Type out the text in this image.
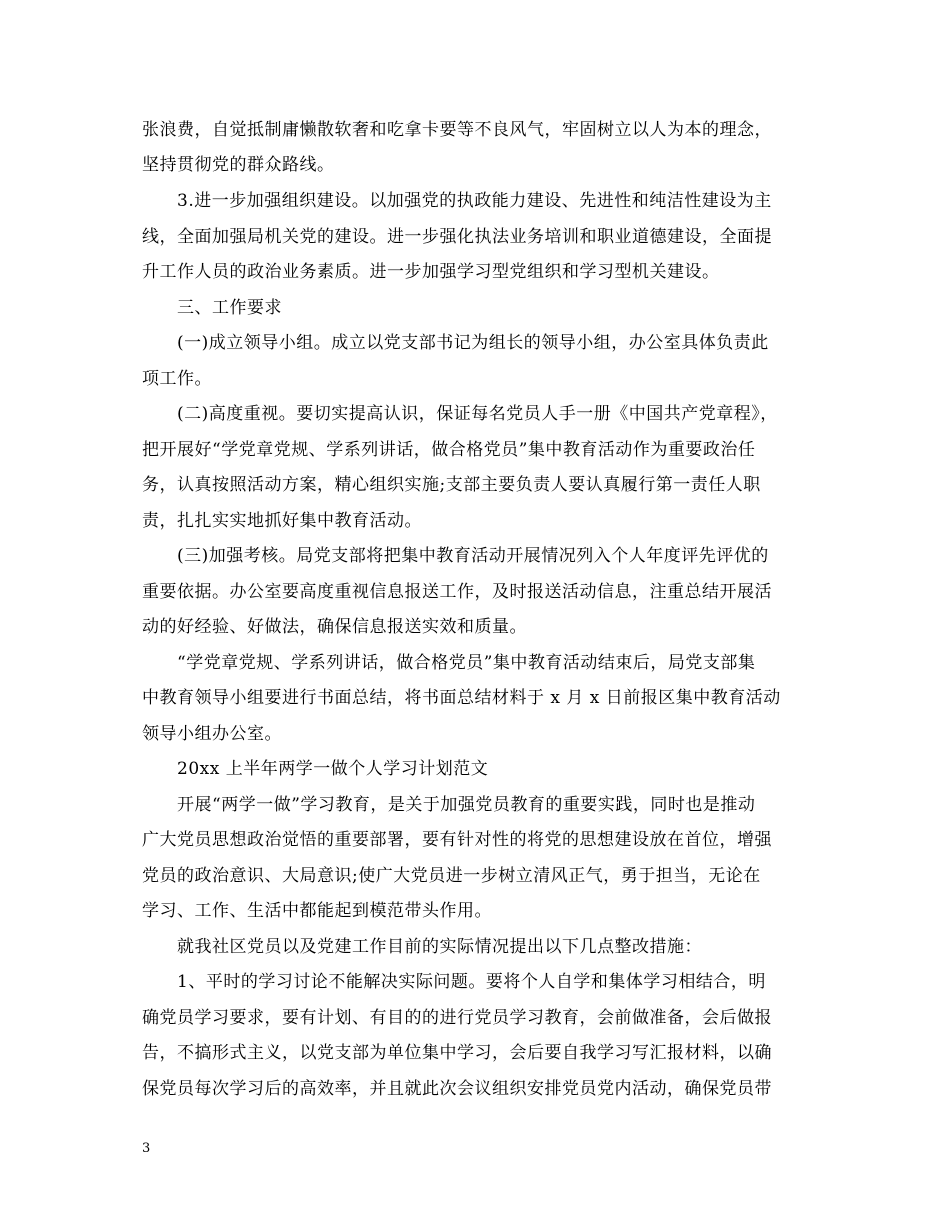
张浪费，自觉抵制庸懒散软奢和吃拿卡要等不良风气，牢固树立以人为本的理念，
坚持贯彻党的群众路线。
3.进一步加强组织建设。以加强党的执政能力建设、先进性和纯洁性建设为主
线，全面加强局机关党的建设。进一步强化执法业务培训和职业道德建设，全面提
升工作人员的政治业务素质。进一步加强学习型党组织和学习型机关建设。
三、工作要求
(一)成立领导小组。成立以党支部书记为组长的领导小组，办公室具体负责此
项工作。
(二)高度重视。要切实提高认识，保证每名党员人手一册《中国共产党章程》，
把开展好“学党章党规、学系列讲话，做合格党员”集中教育活动作为重要政治任
务，认真按照活动方案，精心组织实施;支部主要负责人要认真履行第一责任人职
责，扎扎实实地抓好集中教育活动。
(三)加强考核。局党支部将把集中教育活动开展情况列入个人年度评先评优的
重要依据。办公室要高度重视信息报送工作，及时报送活动信息，注重总结开展活
动的好经验、好做法，确保信息报送实效和质量。
“学党章党规、学系列讲话，做合格党员”集中教育活动结束后，局党支部集
中教育领导小组要进行书面总结，将书面总结材料于 x 月 x 日前报区集中教育活动
领导小组办公室。
20xx 上半年两学一做个人学习计划范文
开展“两学一做”学习教育，是关于加强党员教育的重要实践，同时也是推动
广大党员思想政治觉悟的重要部署，要有针对性的将党的思想建设放在首位，增强
党员的政治意识、大局意识;使广大党员进一步树立清风正气，勇于担当，无论在
学习、工作、生活中都能起到模范带头作用。
就我社区党员以及党建工作目前的实际情况提出以下几点整改措施：
1、平时的学习讨论不能解决实际问题。要将个人自学和集体学习相结合，明
确党员学习要求，要有计划、有目的的进行党员学习教育，会前做准备，会后做报
告，不搞形式主义，以党支部为单位集中学习，会后要自我学习写汇报材料，以确
保党员每次学习后的高效率，并且就此次会议组织安排党员党内活动，确保党员带
3
